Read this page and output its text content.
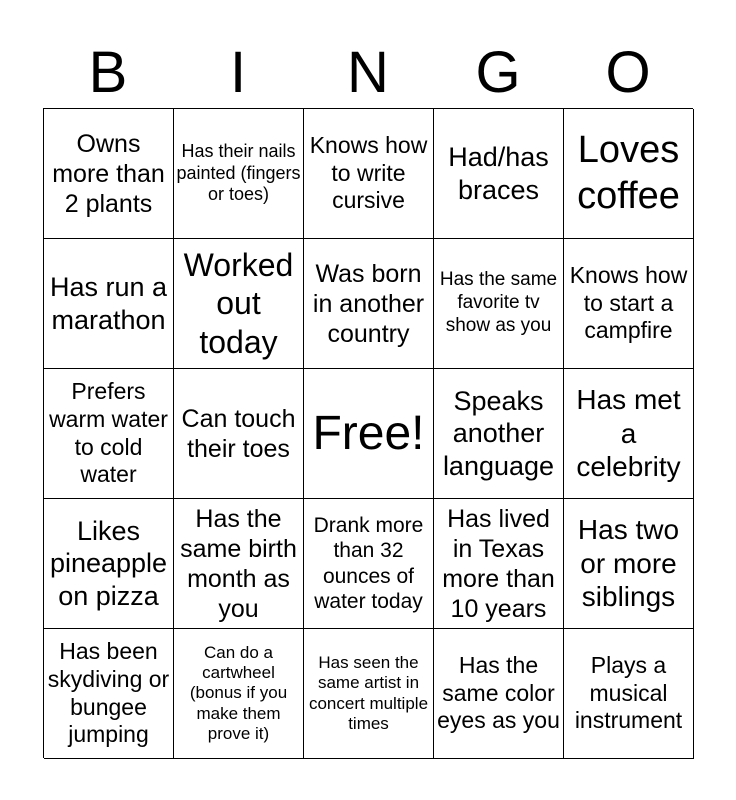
B	I	N	G	O
Owns more than 2 plants
Has their nails painted (fingers or toes)
Knows how to write cursive
Had/has braces
Loves coffee
Has run a marathon
Worked out today
Was born in another country
Has the same favorite tv show as you
Knows how to start a campfire
Prefers warm water to cold water
Can touch their toes Free!
Speaks another language
Has met a celebrity
Likes pineapple on pizza
Has the same birth month as you
Drank more than 32 ounces of water today
Has lived in Texas more than 10 years
Has two or more siblings
Has been skydiving or bungee jumping
Can do a cartwheel (bonus if you make them prove it)
Has seen the same artist in concert multiple times
Has the same color eyes as you
Plays a musical instrument
